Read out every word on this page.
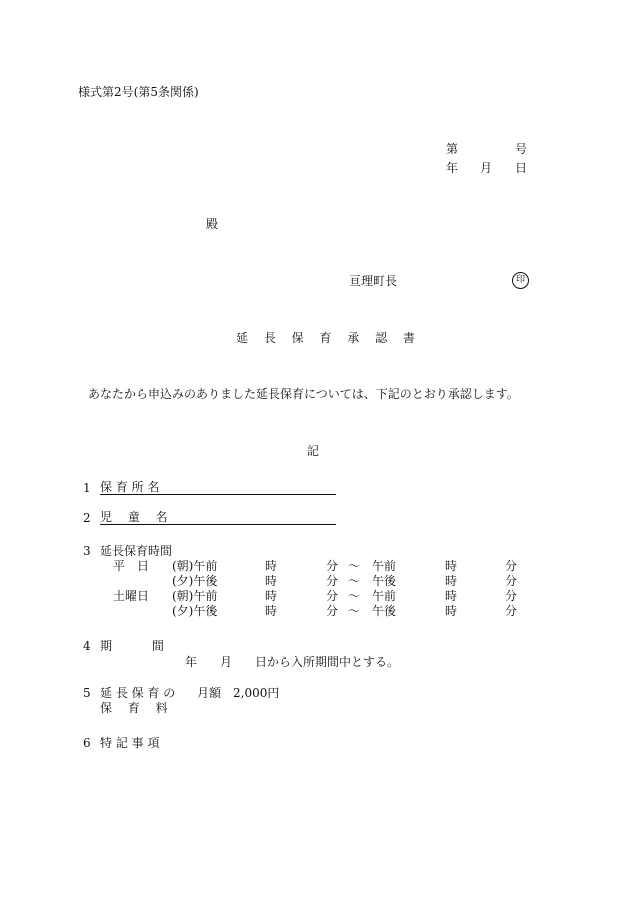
様式第2号(第5条関係)
第	号
年 月 日
殿
亘理町長	印
延 長 保 育 承 認 書
あなたから申込みのありました延長保育については、下記のとおり承認します。
記
1 保 育 所 名
2 児　 童　 名
3 延長保育時間
平　日 (朝)午前	時	分 ～ 午前	時	分
(夕)午後	時	分 ～ 午後	時	分
土曜日 (朝)午前	時	分 ～ 午前	時	分
(夕)午後	時	分 ～ 午後	時	分
4 期　　　 間
年 月 日から入所期間中とする。
5 延 長 保 育 の
保　 育　 料
月額　2,000円
6 特 記 事 項
